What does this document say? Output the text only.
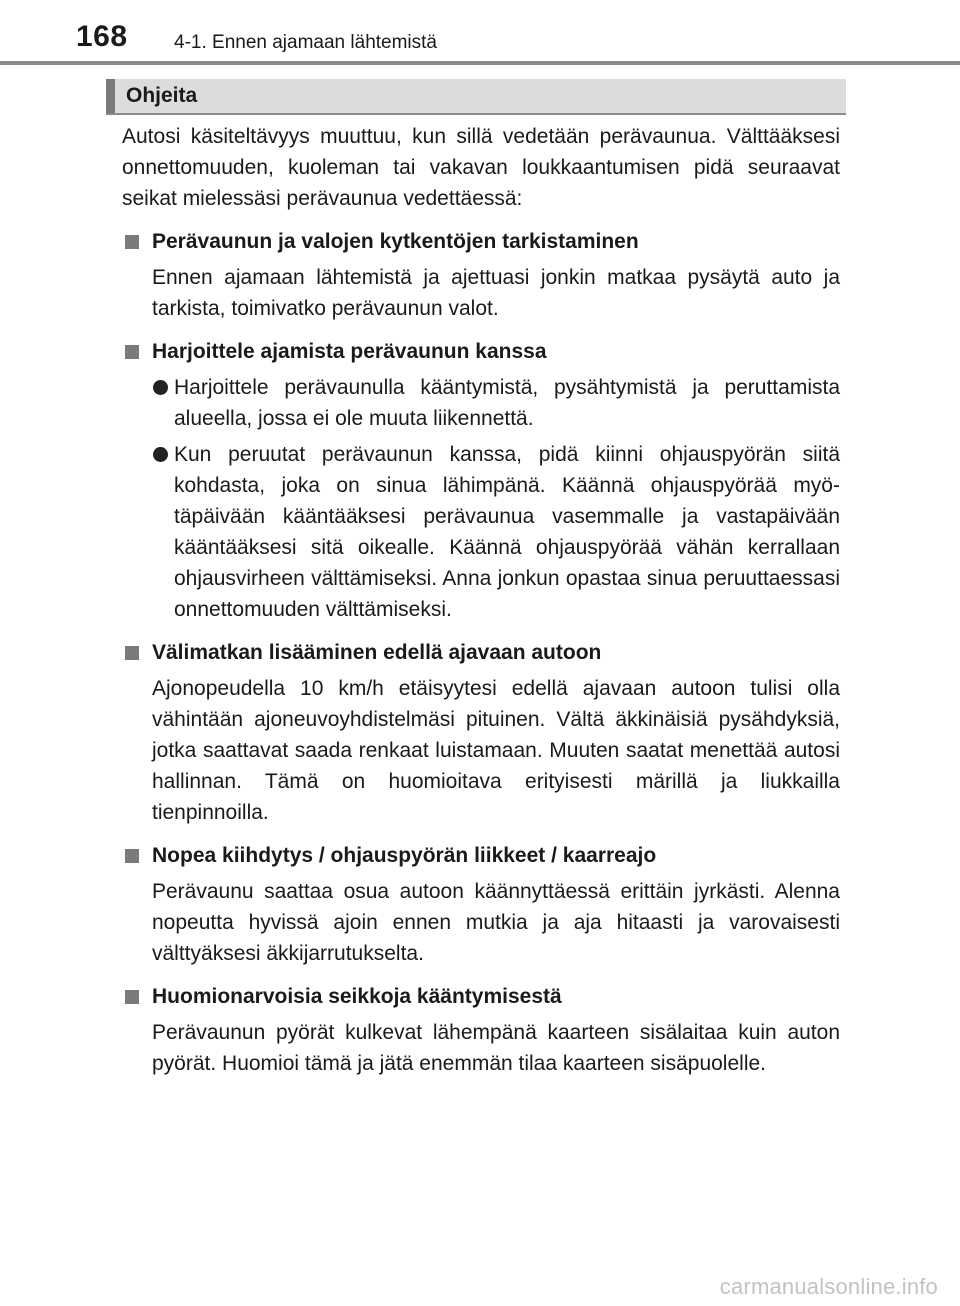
168 4-1. Ennen ajamaan lähtemistä
Ohjeita

Autosi käsiteltävyys muuttuu, kun sillä vedetään perävaunua. Välttääksesi onnettomuuden, kuoleman tai vakavan loukkaantumisen pidä seuraavat seikat mielessäsi perävaunua vedettäessä:

Perävaunun ja valojen kytkentöjen tarkistaminen

Ennen ajamaan lähtemistä ja ajettuasi jonkin matkaa pysäytä auto ja tarkista, toimivatko perävaunun valot.

Harjoittele ajamista perävaunun kanssa

Harjoittele perävaunulla kääntymistä, pysähtymistä ja peruttamista alueella, jossa ei ole muuta liikennettä.

Kun peruutat perävaunun kanssa, pidä kiinni ohjauspyörän siitä kohdasta, joka on sinua lähimpänä. Käännä ohjauspyörää myötäpäivään kääntääksesi perävaunua vasemmalle ja vastapäivään kääntääksesi sitä oikealle. Käännä ohjauspyörää vähän kerrallaan ohjausvirheen välttämiseksi. Anna jonkun opastaa sinua peruuttaessasi onnettomuuden välttämiseksi.

Välimatkan lisääminen edellä ajavaan autoon

Ajonopeudella 10 km/h etäisyytesi edellä ajavaan autoon tulisi olla vähintään ajoneuvoyhdistelmäsi pituinen. Vältä äkkinäisiä pysähdyksiä, jotka saattavat saada renkaat luistamaan. Muuten saatat menettää autosi hallinnan. Tämä on huomioitava erityisesti märillä ja liukkailla tienpinnoilla.

Nopea kiihdytys / ohjauspyörän liikkeet / kaarreajo

Perävaunu saattaa osua autoon käännyttäessä erittäin jyrkästi. Alenna nopeutta hyvissä ajoin ennen mutkia ja aja hitaasti ja varovaisesti välttyäksesi äkkijarrutukselta.

Huomionarvoisia seikkoja kääntymisestä

Perävaunun pyörät kulkevat lähempänä kaarteen sisälaitaa kuin auton pyörät. Huomioi tämä ja jätä enemmän tilaa kaarteen sisäpuolelle.

carmanualsonline.info
